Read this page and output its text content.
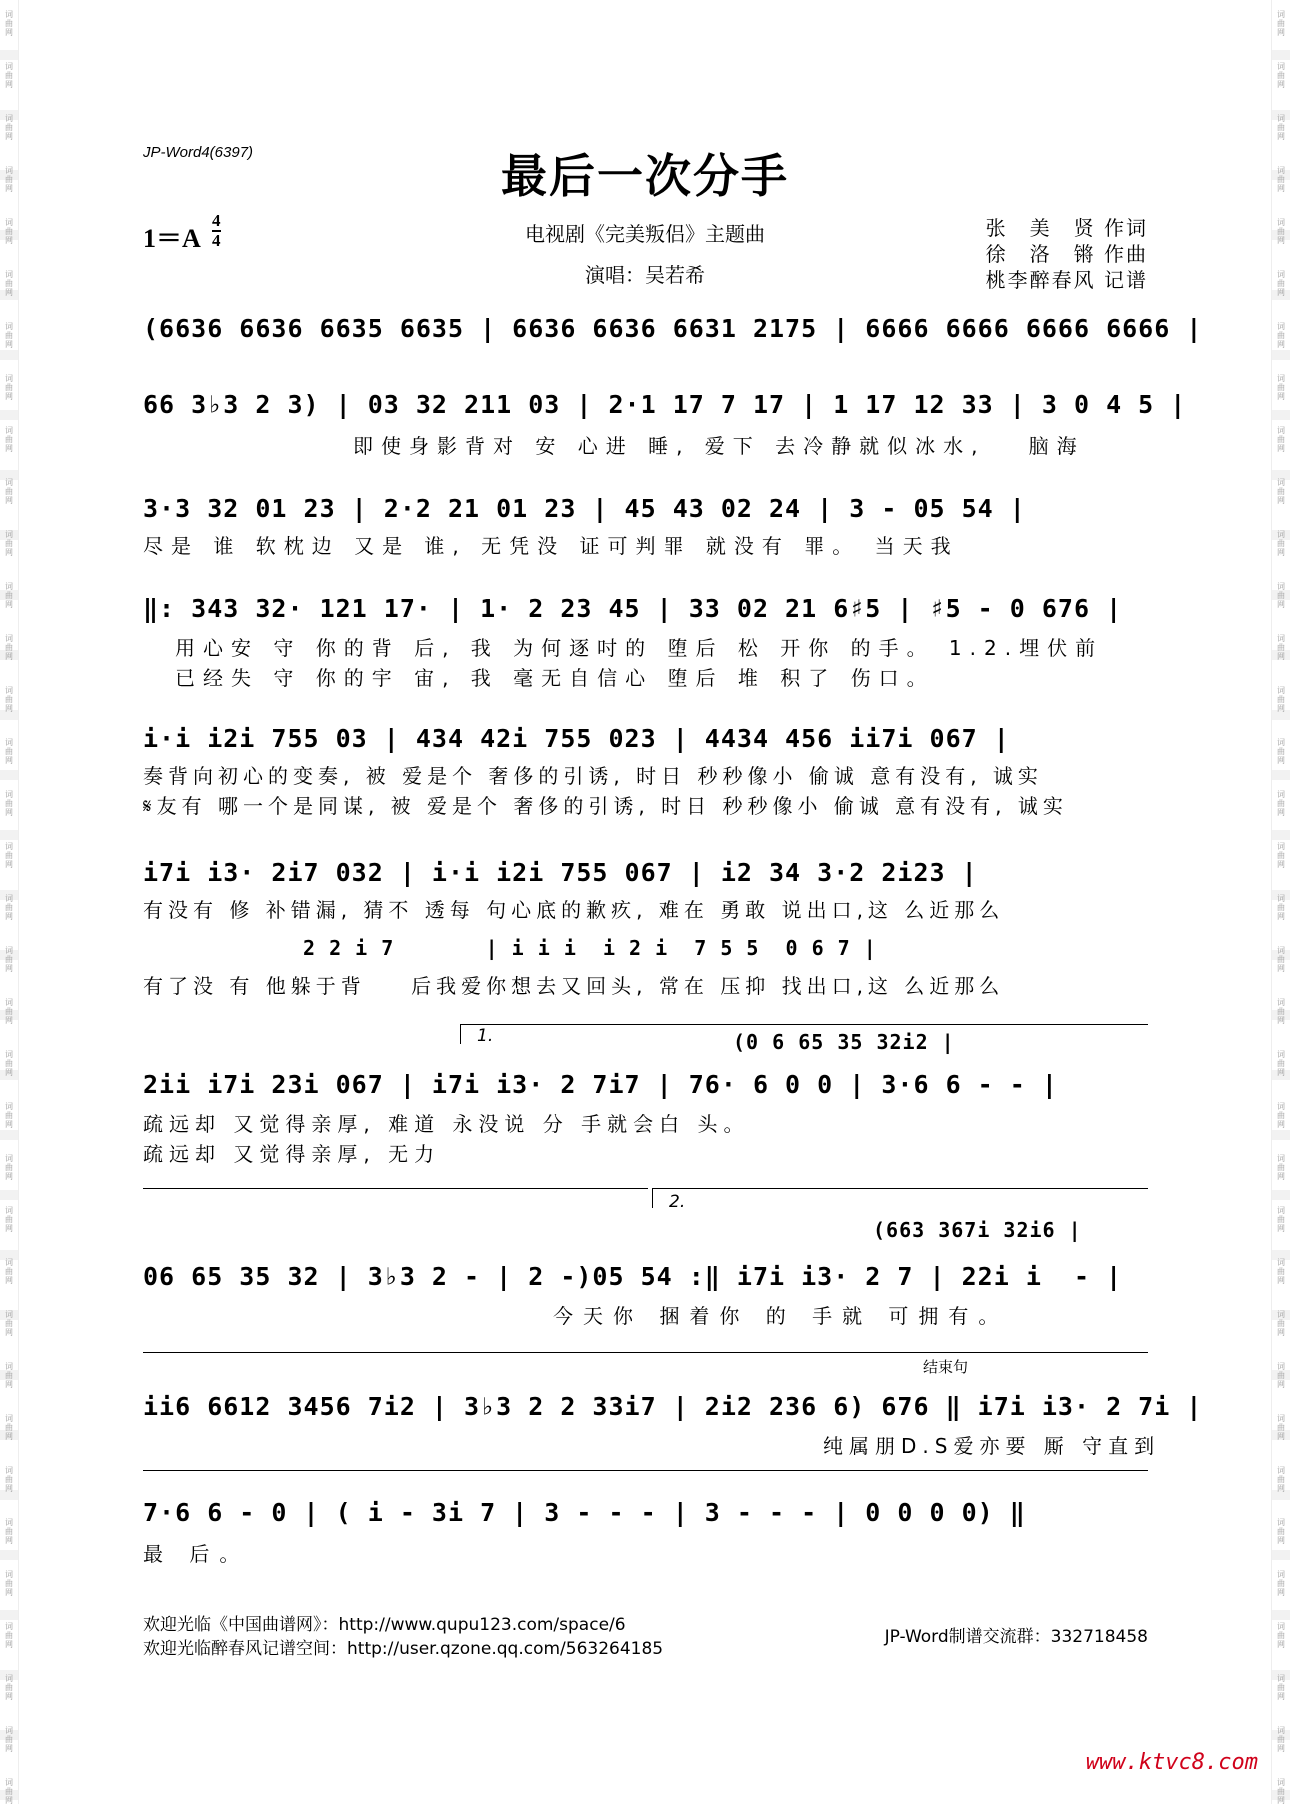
词曲网
词曲网
词曲网
词曲网
词曲网
词曲网
词曲网
词曲网
词曲网
词曲网
词曲网
词曲网
词曲网
词曲网
词曲网
词曲网
词曲网
词曲网
词曲网
词曲网
词曲网
词曲网
词曲网
词曲网
词曲网
词曲网
词曲网
词曲网
词曲网
词曲网
词曲网
词曲网
词曲网
词曲网
词曲网
词曲网
词曲网
词曲网
词曲网
词曲网
词曲网
词曲网
词曲网
词曲网
词曲网
词曲网
词曲网
词曲网
词曲网
词曲网
词曲网
词曲网
词曲网
词曲网
词曲网
词曲网
词曲网
词曲网
词曲网
词曲网
词曲网
词曲网
词曲网
词曲网
词曲网
词曲网
词曲网
词曲网
词曲网
词曲网
JP-Word4(6397)	最后一次分手
1＝A
4
4	电视剧《完美叛侣》主题曲
演唱：吴若希
张　美　贤 作词
徐　洛　锵 作曲
桃李醉春风 记谱
(6636 6636 6635 6635 | 6636 6636 6631 2175 | 6666 6666 6666 6666 |
66 3♭3 2 3) | 03 32 211 03 | 2·1 17 7 17 | 1 17 12 33 | 3 0 4 5 |
即使身影背对 安 心进 睡, 爱下 去冷静就似冰水,   脑海
3·3 32 01 23 | 2·2 21 01 23 | 45 43 02 24 | 3 - 05 54 |
尽是 谁 软枕边 又是 谁, 无凭没 证可判罪 就没有 罪。 当天我
‖: 343 32· 121 17· | 1· 2 23 45 | 33 02 21 6♯5 | ♯5 - 0 676 |
用心安 守 你的背 后, 我 为何逐吋的 堕后 松 开你 的手。 1.2.埋伏前
已经失 守 你的宇 宙, 我 毫无自信心 堕后 堆 积了 伤口。
i·i i2i 755 03 | 434 42i 755 023 | 4434 456 ii7i 067 |
奏背向初心的变奏, 被 爱是个 奢侈的引诱, 时日 秒秒像小 偷诚 意有没有, 诚实
𝄋友有 哪一个是同谋, 被 爱是个 奢侈的引诱, 时日 秒秒像小 偷诚 意有没有, 诚实
i7i i3· 2i7 032 | i·i i2i 755 067 | i2 34 3·2 2i23 |
有没有 修 补错漏, 猜不 透每 句心底的歉疚, 难在 勇敢 说出口,这 么近那么
2 2 i 7       | i i i  i 2 i  7 5 5  0 6 7 |
有了没 有 他躲于背    后我爱你想去又回头, 常在 压抑 找出口,这 么近那么
1.	(0 6 65 35 32i2 |
2ii i7i 23i 067 | i7i i3· 2 7i7 | 76· 6 0 0 | 3·6 6 - - |
疏远却 又觉得亲厚, 难道 永没说 分 手就会白 头。
疏远却 又觉得亲厚, 无力
2.
(663 367i 32i6 |
06 65 35 32 | 3♭3 2 - | 2 -)05 54 :‖ i7i i3· 2 7 | 22i i  - |
今天你 捆着你 的 手就 可拥有。
结束句
ii6 6612 3456 7i2 | 3♭3 2 2 33i7 | 2i2 236 6) 676 ‖ i7i i3· 2 7i |
纯属朋D.S爱亦要 厮 守直到
7·6 6 - 0 | ( i - 3i 7 | 3 - - - | 3 - - - | 0 0 0 0) ‖
最 后。
欢迎光临《中国曲谱网》：http://www.qupu123.com/space/6
欢迎光临醉春风记谱空间：http://user.qzone.qq.com/563264185
JP-Word制谱交流群：332718458
www.ktvc8.com
